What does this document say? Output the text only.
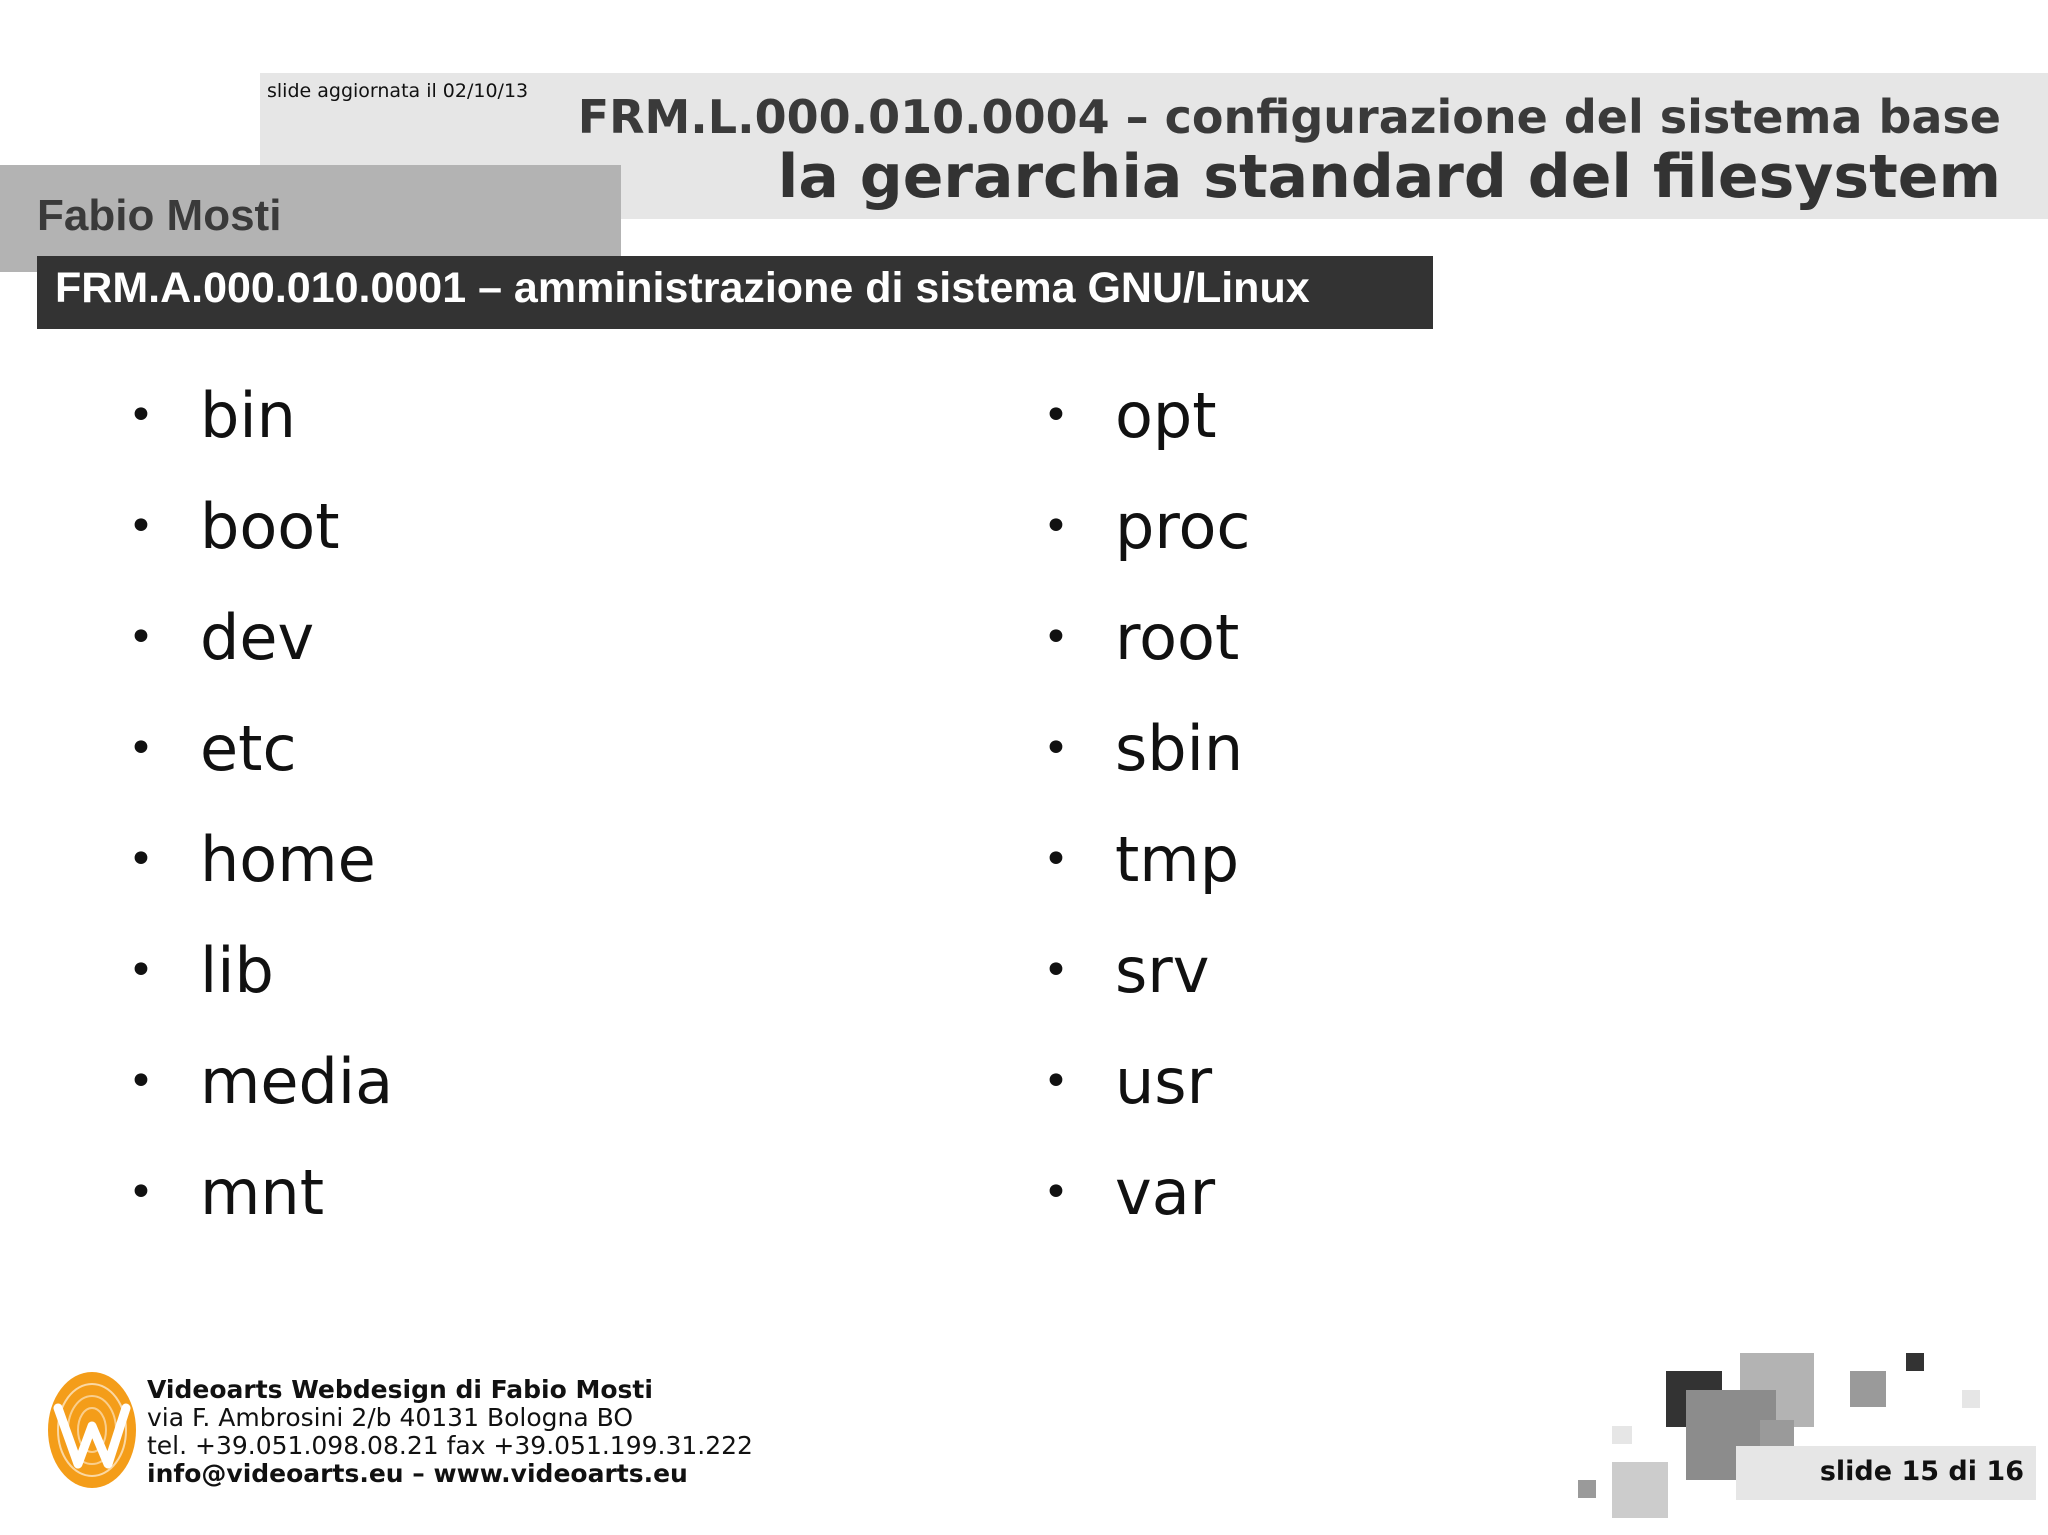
slide aggiornata il 02/10/13 FRM.L.000.010.0004 – configurazione del sistema base
la gerarchia standard del filesystem
Fabio Mosti
FRM.A.000.010.0001 – amministrazione di sistema GNU/Linux
• bin
• boot
• dev
• etc
• home
• lib
• media
• mnt
• opt
• proc
• root
• sbin
• tmp
• srv
• usr
• var
Videoarts Webdesign di Fabio Mosti
via F. Ambrosini 2/b 40131 Bologna BO
tel. +39.051.098.08.21 fax +39.051.199.31.222
info@videoarts.eu – www.videoarts.eu	slide 15 di 16
